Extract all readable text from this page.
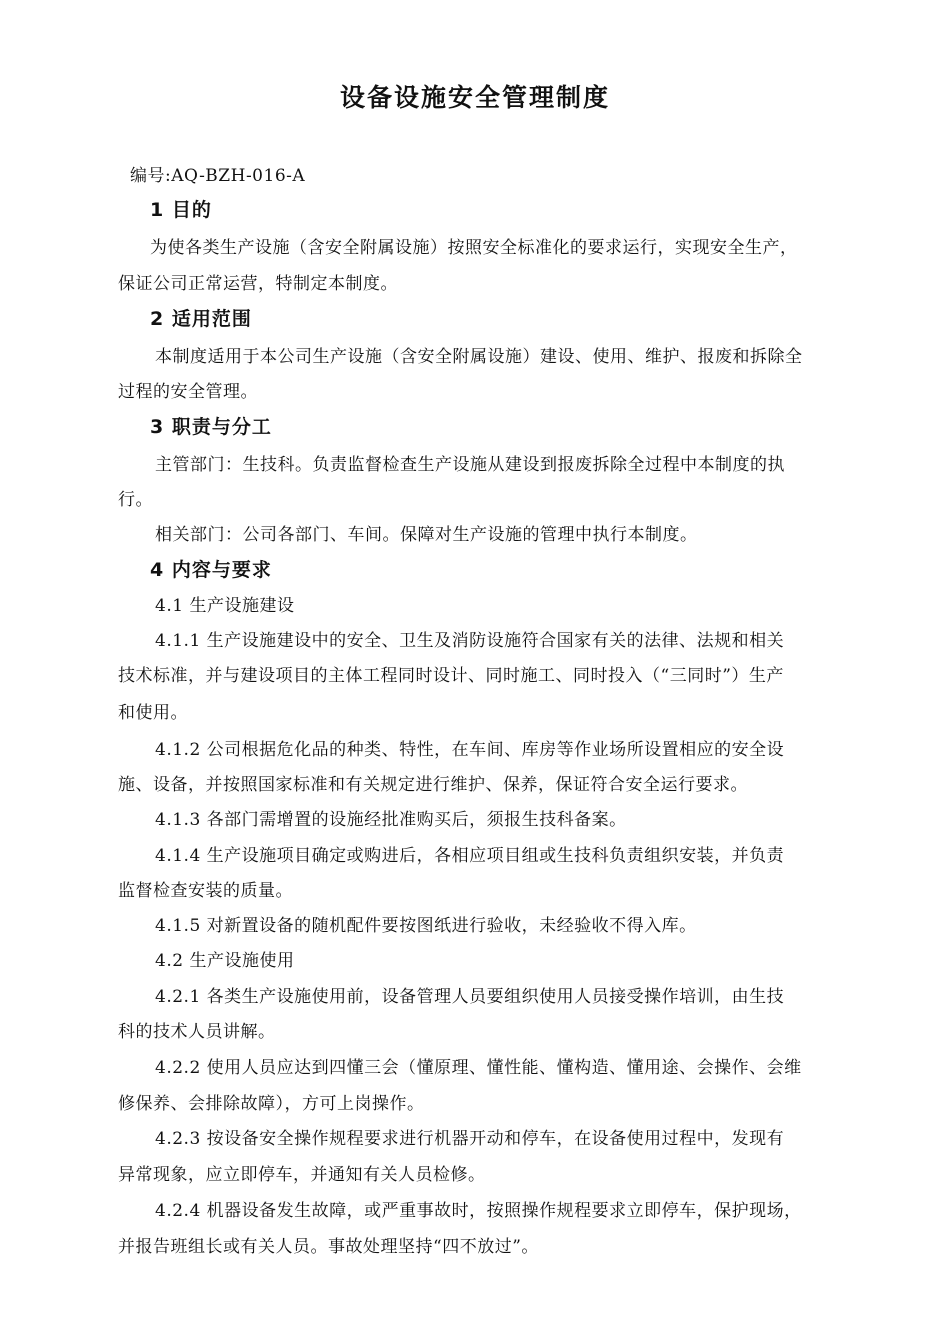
设备设施安全管理制度
编号:AQ-BZH-016-A
1 目的
为使各类生产设施（含安全附属设施）按照安全标准化的要求运行，实现安全生产，
保证公司正常运营，特制定本制度。
2 适用范围
本制度适用于本公司生产设施（含安全附属设施）建设、使用、维护、报废和拆除全
过程的安全管理。
3 职责与分工
主管部门：生技科。负责监督检查生产设施从建设到报废拆除全过程中本制度的执
行。
相关部门：公司各部门、车间。保障对生产设施的管理中执行本制度。
4 内容与要求
4.1 生产设施建设
4.1.1 生产设施建设中的安全、卫生及消防设施符合国家有关的法律、法规和相关
技术标准，并与建设项目的主体工程同时设计、同时施工、同时投入（“三同时”）生产
和使用。
4.1.2 公司根据危化品的种类、特性，在车间、库房等作业场所设置相应的安全设
施、设备，并按照国家标准和有关规定进行维护、保养，保证符合安全运行要求。
4.1.3 各部门需增置的设施经批准购买后，须报生技科备案。
4.1.4 生产设施项目确定或购进后，各相应项目组或生技科负责组织安装，并负责
监督检查安装的质量。
4.1.5 对新置设备的随机配件要按图纸进行验收，未经验收不得入库。
4.2 生产设施使用
4.2.1 各类生产设施使用前，设备管理人员要组织使用人员接受操作培训，由生技
科的技术人员讲解。
4.2.2 使用人员应达到四懂三会（懂原理、懂性能、懂构造、懂用途、会操作、会维
修保养、会排除故障），方可上岗操作。
4.2.3 按设备安全操作规程要求进行机器开动和停车，在设备使用过程中，发现有
异常现象，应立即停车，并通知有关人员检修。
4.2.4 机器设备发生故障，或严重事故时，按照操作规程要求立即停车，保护现场，
并报告班组长或有关人员。事故处理坚持“四不放过”。
